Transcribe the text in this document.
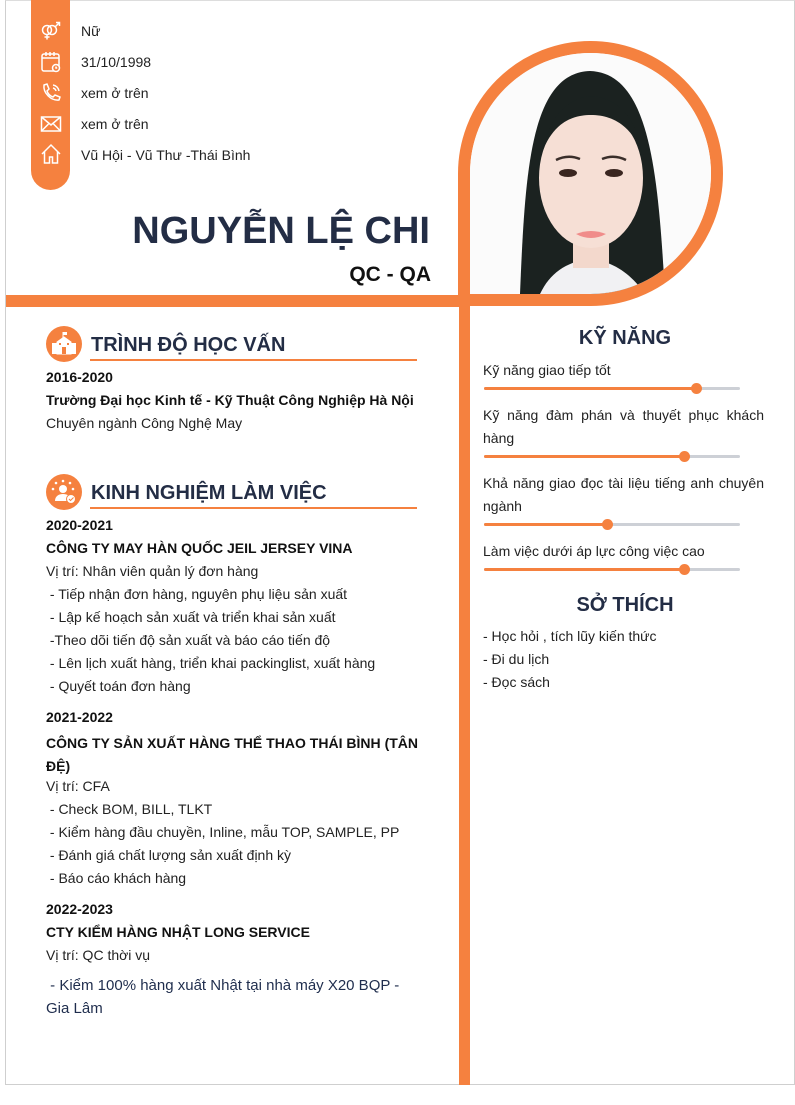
Nữ
31/10/1998
xem ở trên
xem ở trên
Vũ Hội - Vũ Thư -Thái Bình
NGUYỄN LỆ CHI
QC - QA
TRÌNH ĐỘ HỌC VẤN
2016-2020
Trường Đại học Kinh tế - Kỹ Thuật Công Nghiệp Hà Nội
Chuyên ngành Công Nghệ May
KINH NGHIỆM LÀM VIỆC
2020-2021
CÔNG TY MAY HÀN QUỐC JEIL JERSEY VINA
Vị trí: Nhân viên quản lý đơn hàng
- Tiếp nhận đơn hàng, nguyên phụ liệu sản xuất
- Lập kế hoạch sản xuất và triển khai sản xuất
-Theo dõi tiến độ sản xuất và báo cáo tiến độ
- Lên lịch xuất hàng, triển khai packinglist, xuất hàng
- Quyết toán đơn hàng
2021-2022
CÔNG TY SẢN XUẤT HÀNG THỂ THAO THÁI BÌNH (TÂN ĐỆ)
Vị trí: CFA
- Check BOM, BILL, TLKT
- Kiểm hàng đầu chuyền, Inline, mẫu TOP, SAMPLE, PP
- Đánh giá chất lượng sản xuất định kỳ
- Báo cáo khách hàng
2022-2023
CTY KIỂM HÀNG NHẬT LONG SERVICE
Vị trí: QC thời vụ
- Kiểm 100% hàng xuất Nhật tại nhà máy X20 BQP - Gia Lâm
KỸ NĂNG
Kỹ năng giao tiếp tốt
Kỹ năng đàm phán và thuyết phục khách hàng
Khả năng giao đọc tài liệu tiếng anh chuyên ngành
Làm việc dưới áp lực công việc cao
SỞ THÍCH
- Học hỏi , tích lũy kiến thức
- Đi du lịch
- Đọc sách
